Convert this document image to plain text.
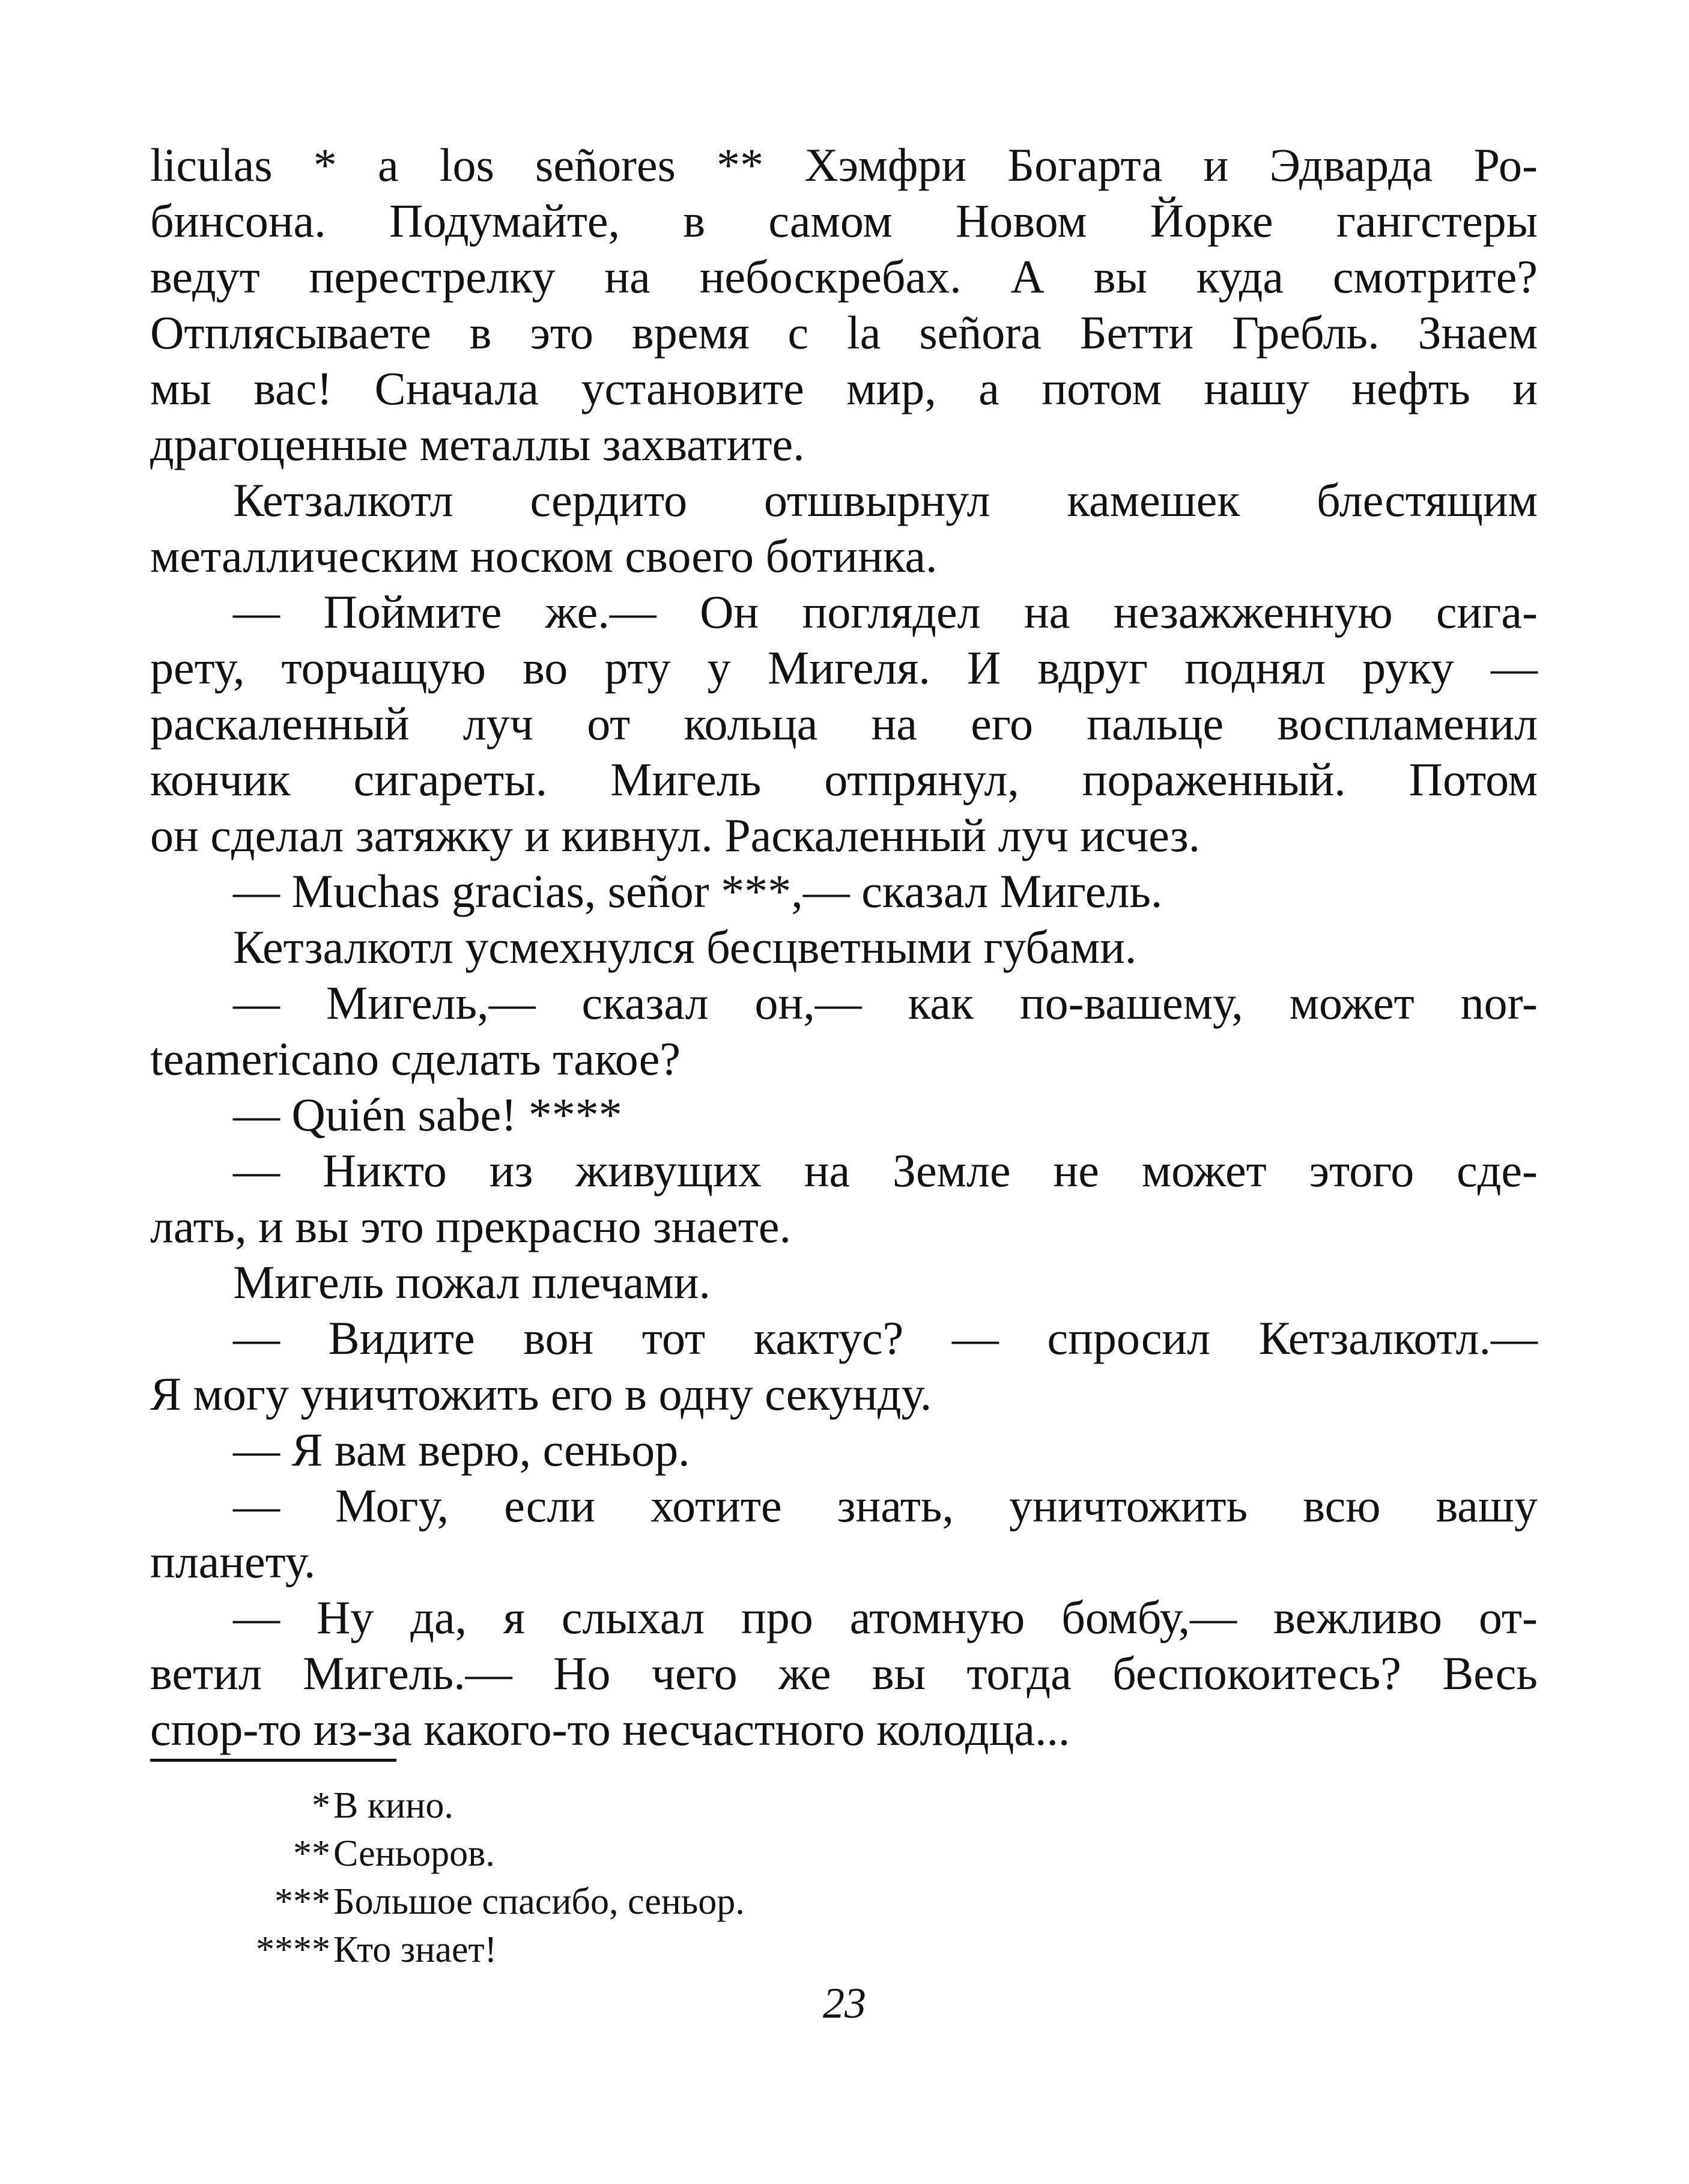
liculas * a los señores ** Хэмфри Богарта и Эдварда Ро-
бинсона. Подумайте, в самом Новом Йорке гангстеры
ведут перестрелку на небоскребах. А вы куда смотрите?
Отплясываете в это время с la señora Бетти Гребль. Знаем
мы вас! Сначала установите мир, а потом нашу нефть и
драгоценные металлы захватите.
Кетзалкотл сердито отшвырнул камешек блестящим
металлическим носком своего ботинка.
— Поймите же.— Он поглядел на незажженную сига-
рету, торчащую во рту у Мигеля. И вдруг поднял руку —
раскаленный луч от кольца на его пальце воспламенил
кончик сигареты. Мигель отпрянул, пораженный. Потом
он сделал затяжку и кивнул. Раскаленный луч исчез.
— Muchas gracias, señor ***,— сказал Мигель.
Кетзалкотл усмехнулся бесцветными губами.
— Мигель,— сказал он,— как по-вашему, может nor-
teamericano сделать такое?
— Quién sabe! ****
— Никто из живущих на Земле не может этого сде-
лать, и вы это прекрасно знаете.
Мигель пожал плечами.
— Видите вон тот кактус? — спросил Кетзалкотл.—
Я могу уничтожить его в одну секунду.
— Я вам верю, сеньор.
— Могу, если хотите знать, уничтожить всю вашу
планету.
— Ну да, я слыхал про атомную бомбу,— вежливо от-
ветил Мигель.— Но чего же вы тогда беспокоитесь? Весь
спор-то из-за какого-то несчастного колодца...
* В кино.
** Сеньоров.
*** Большое спасибо, сеньор.
**** Кто знает!
23
